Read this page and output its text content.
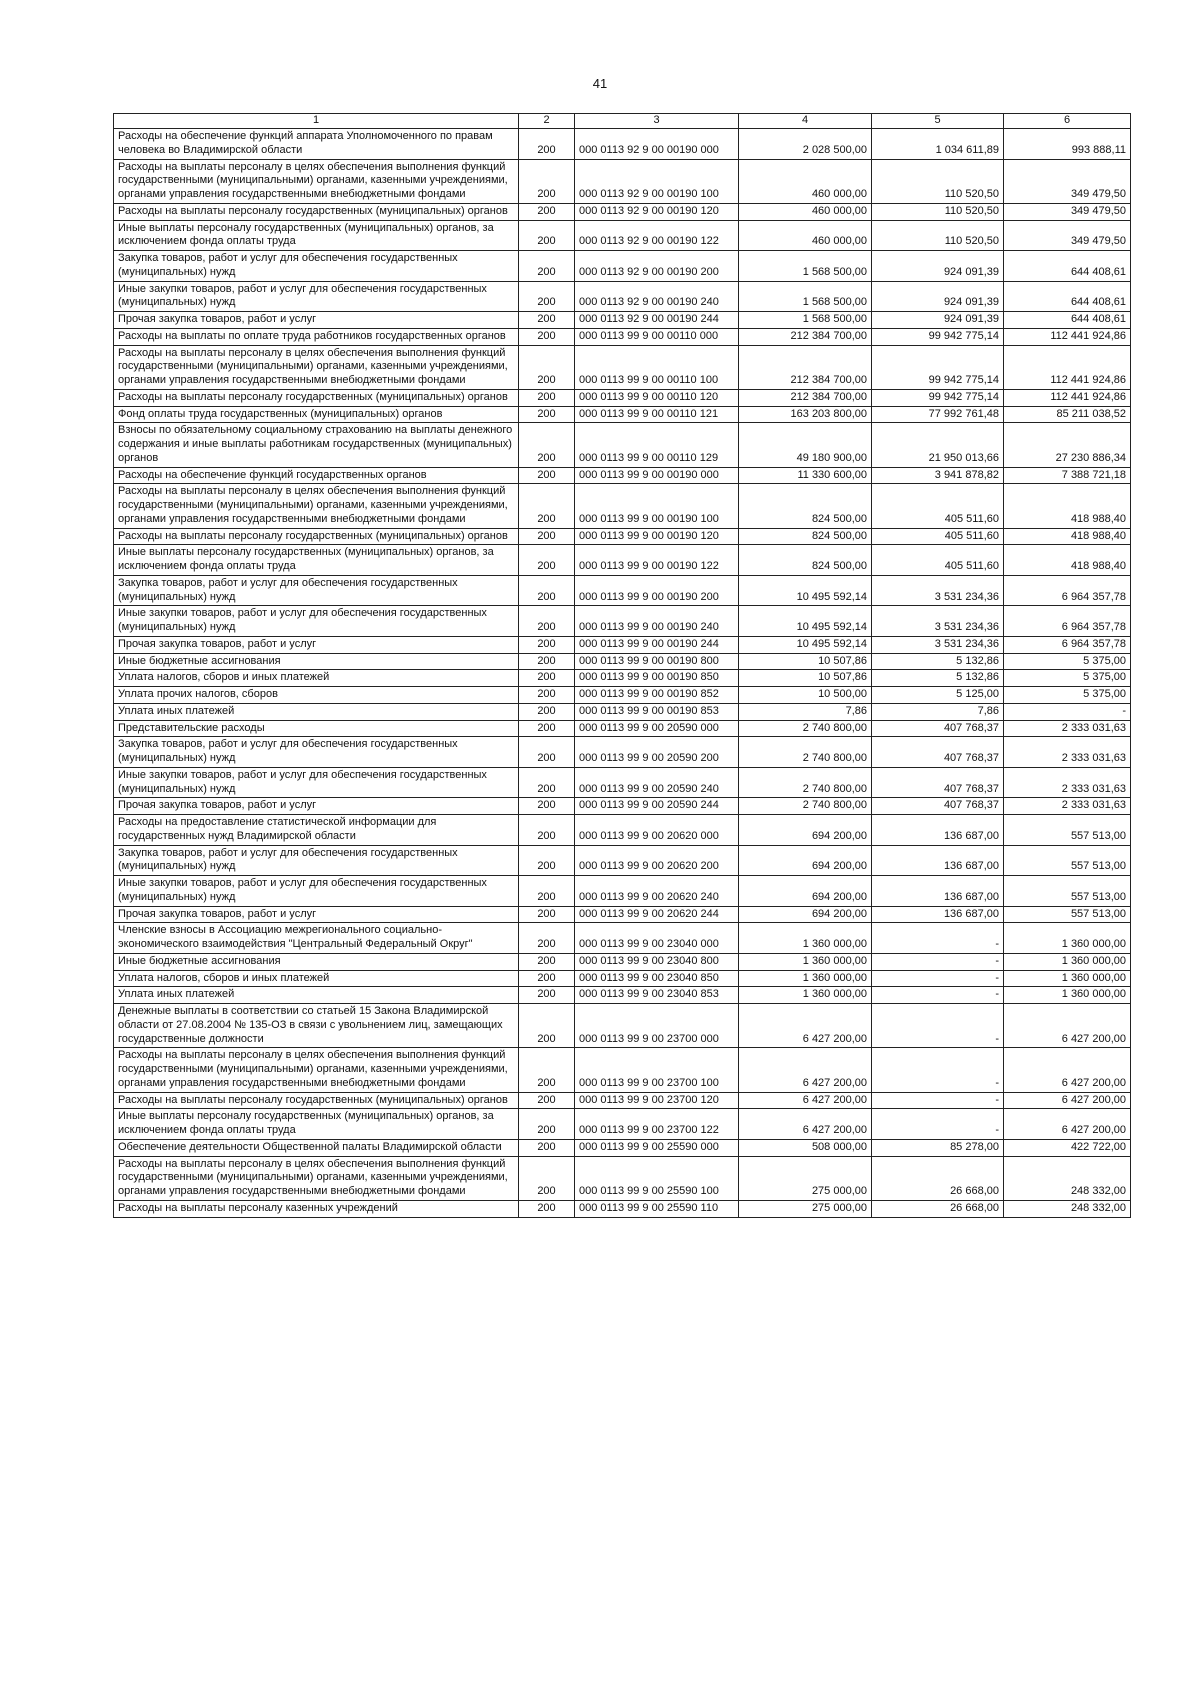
41
1	2	3	4	5	6
Расходы на обеспечение функций аппарата Уполномоченного по правам человека во Владимирской области	200	000 0113 92 9 00 00190 000	2 028 500,00	1 034 611,89	993 888,11
Расходы на выплаты персоналу в целях обеспечения выполнения функций государственными (муниципальными) органами, казенными учреждениями, органами управления государственными внебюджетными фондами	200	000 0113 92 9 00 00190 100	460 000,00	110 520,50	349 479,50
Расходы на выплаты персоналу государственных (муниципальных) органов	200	000 0113 92 9 00 00190 120	460 000,00	110 520,50	349 479,50
Иные выплаты персоналу государственных (муниципальных) органов, за исключением фонда оплаты труда	200	000 0113 92 9 00 00190 122	460 000,00	110 520,50	349 479,50
Закупка товаров, работ и услуг для обеспечения государственных (муниципальных) нужд	200	000 0113 92 9 00 00190 200	1 568 500,00	924 091,39	644 408,61
Иные закупки товаров, работ и услуг для обеспечения государственных (муниципальных) нужд	200	000 0113 92 9 00 00190 240	1 568 500,00	924 091,39	644 408,61
Прочая закупка товаров, работ и услуг	200	000 0113 92 9 00 00190 244	1 568 500,00	924 091,39	644 408,61
Расходы на выплаты по оплате труда работников государственных органов	200	000 0113 99 9 00 00110 000	212 384 700,00	99 942 775,14	112 441 924,86
Расходы на выплаты персоналу в целях обеспечения выполнения функций государственными (муниципальными) органами, казенными учреждениями, органами управления государственными внебюджетными фондами	200	000 0113 99 9 00 00110 100	212 384 700,00	99 942 775,14	112 441 924,86
Расходы на выплаты персоналу государственных (муниципальных) органов	200	000 0113 99 9 00 00110 120	212 384 700,00	99 942 775,14	112 441 924,86
Фонд оплаты труда государственных (муниципальных) органов	200	000 0113 99 9 00 00110 121	163 203 800,00	77 992 761,48	85 211 038,52
Взносы по обязательному социальному страхованию на выплаты денежного содержания и иные выплаты работникам государственных (муниципальных) органов	200	000 0113 99 9 00 00110 129	49 180 900,00	21 950 013,66	27 230 886,34
Расходы на обеспечение функций государственных органов	200	000 0113 99 9 00 00190 000	11 330 600,00	3 941 878,82	7 388 721,18
Расходы на выплаты персоналу в целях обеспечения выполнения функций государственными (муниципальными) органами, казенными учреждениями, органами управления государственными внебюджетными фондами	200	000 0113 99 9 00 00190 100	824 500,00	405 511,60	418 988,40
Расходы на выплаты персоналу государственных (муниципальных) органов	200	000 0113 99 9 00 00190 120	824 500,00	405 511,60	418 988,40
Иные выплаты персоналу государственных (муниципальных) органов, за исключением фонда оплаты труда	200	000 0113 99 9 00 00190 122	824 500,00	405 511,60	418 988,40
Закупка товаров, работ и услуг для обеспечения государственных (муниципальных) нужд	200	000 0113 99 9 00 00190 200	10 495 592,14	3 531 234,36	6 964 357,78
Иные закупки товаров, работ и услуг для обеспечения государственных (муниципальных) нужд	200	000 0113 99 9 00 00190 240	10 495 592,14	3 531 234,36	6 964 357,78
Прочая закупка товаров, работ и услуг	200	000 0113 99 9 00 00190 244	10 495 592,14	3 531 234,36	6 964 357,78
Иные бюджетные ассигнования	200	000 0113 99 9 00 00190 800	10 507,86	5 132,86	5 375,00
Уплата налогов, сборов и иных платежей	200	000 0113 99 9 00 00190 850	10 507,86	5 132,86	5 375,00
Уплата прочих налогов, сборов	200	000 0113 99 9 00 00190 852	10 500,00	5 125,00	5 375,00
Уплата иных платежей	200	000 0113 99 9 00 00190 853	7,86	7,86	-
Представительские расходы	200	000 0113 99 9 00 20590 000	2 740 800,00	407 768,37	2 333 031,63
Закупка товаров, работ и услуг для обеспечения государственных (муниципальных) нужд	200	000 0113 99 9 00 20590 200	2 740 800,00	407 768,37	2 333 031,63
Иные закупки товаров, работ и услуг для обеспечения государственных (муниципальных) нужд	200	000 0113 99 9 00 20590 240	2 740 800,00	407 768,37	2 333 031,63
Прочая закупка товаров, работ и услуг	200	000 0113 99 9 00 20590 244	2 740 800,00	407 768,37	2 333 031,63
Расходы на предоставление статистической информации для государственных нужд Владимирской области	200	000 0113 99 9 00 20620 000	694 200,00	136 687,00	557 513,00
Закупка товаров, работ и услуг для обеспечения государственных (муниципальных) нужд	200	000 0113 99 9 00 20620 200	694 200,00	136 687,00	557 513,00
Иные закупки товаров, работ и услуг для обеспечения государственных (муниципальных) нужд	200	000 0113 99 9 00 20620 240	694 200,00	136 687,00	557 513,00
Прочая закупка товаров, работ и услуг	200	000 0113 99 9 00 20620 244	694 200,00	136 687,00	557 513,00
Членские взносы в Ассоциацию межрегионального социально-экономического взаимодействия "Центральный Федеральный Округ"	200	000 0113 99 9 00 23040 000	1 360 000,00	-	1 360 000,00
Иные бюджетные ассигнования	200	000 0113 99 9 00 23040 800	1 360 000,00	-	1 360 000,00
Уплата налогов, сборов и иных платежей	200	000 0113 99 9 00 23040 850	1 360 000,00	-	1 360 000,00
Уплата иных платежей	200	000 0113 99 9 00 23040 853	1 360 000,00	-	1 360 000,00
Денежные выплаты в соответствии со статьей 15 Закона Владимирской области от 27.08.2004 № 135-ОЗ в связи с увольнением лиц, замещающих государственные должности	200	000 0113 99 9 00 23700 000	6 427 200,00	-	6 427 200,00
Расходы на выплаты персоналу в целях обеспечения выполнения функций государственными (муниципальными) органами, казенными учреждениями, органами управления государственными внебюджетными фондами	200	000 0113 99 9 00 23700 100	6 427 200,00	-	6 427 200,00
Расходы на выплаты персоналу государственных (муниципальных) органов	200	000 0113 99 9 00 23700 120	6 427 200,00	-	6 427 200,00
Иные выплаты персоналу государственных (муниципальных) органов, за исключением фонда оплаты труда	200	000 0113 99 9 00 23700 122	6 427 200,00	-	6 427 200,00
Обеспечение деятельности Общественной палаты Владимирской области	200	000 0113 99 9 00 25590 000	508 000,00	85 278,00	422 722,00
Расходы на выплаты персоналу в целях обеспечения выполнения функций государственными (муниципальными) органами, казенными учреждениями, органами управления государственными внебюджетными фондами	200	000 0113 99 9 00 25590 100	275 000,00	26 668,00	248 332,00
Расходы на выплаты персоналу казенных учреждений	200	000 0113 99 9 00 25590 110	275 000,00	26 668,00	248 332,00
